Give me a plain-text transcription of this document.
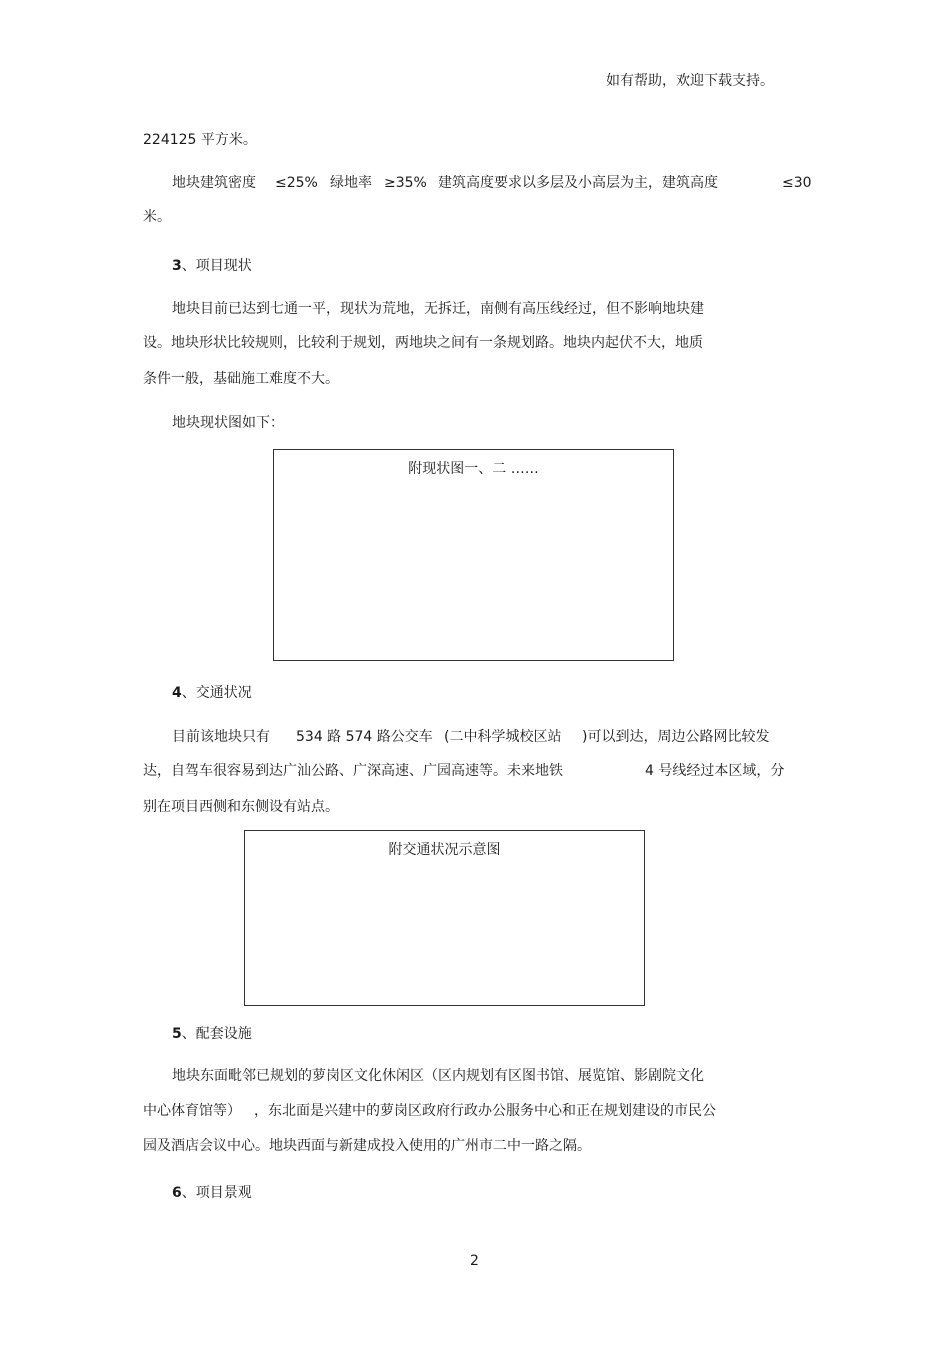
如有帮助，欢迎下载支持。
224125 平方米。
地块建筑密度 ≤25% 绿地率 ≥35% 建筑高度要求以多层及小高层为主，建筑高度	≤30
米。
3、项目现状
地块目前已达到七通一平，现状为荒地，无拆迁，南侧有高压线经过，但不影响地块建
设。地块形状比较规则，比较利于规划，两地块之间有一条规划路。地块内起伏不大，地质
条件一般，基础施工难度不大。
地块现状图如下：
附现状图一、二 ……
4、交通状况
目前该地块只有 534 路 574 路公交车 (二中科学城校区站 )可以到达，周边公路网比较发
达，自驾车很容易到达广汕公路、广深高速、广园高速等。未来地铁	4 号线经过本区域，分
别在项目西侧和东侧设有站点。
附交通状况示意图
5、配套设施
地块东面毗邻已规划的萝岗区文化休闲区（区内规划有区图书馆、展览馆、影剧院文化
中心体育馆等） ，东北面是兴建中的萝岗区政府行政办公服务中心和正在规划建设的市民公
园及酒店会议中心。地块西面与新建成投入使用的广州市二中一路之隔。
6、项目景观
2
